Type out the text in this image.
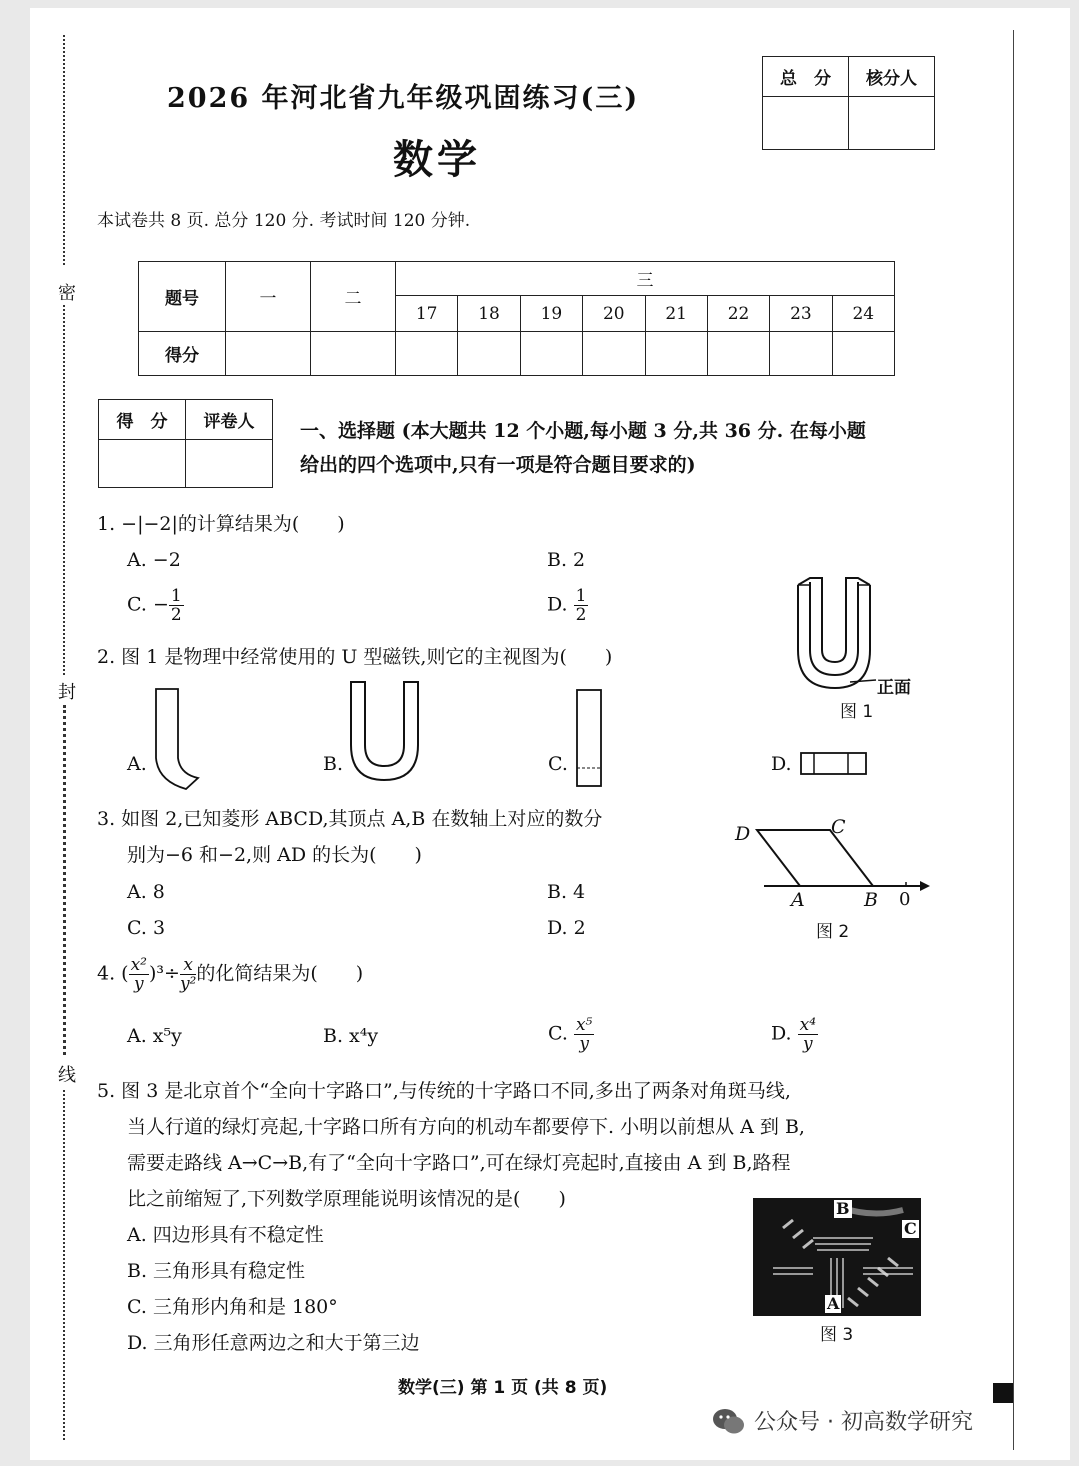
密
封
线
2026 年河北省九年级巩固练习(三)
数学
总　分	核分人

本试卷共 8 页. 总分 120 分. 考试时间 120 分钟.
题号	一	二	三							
			17	18	19	20	21	22	23	24
得分										
得　分	评卷人
	一、选择题 (本大题共 12 个小题,每小题 3 分,共 36 分. 在每小题
给出的四个选项中,只有一项是符合题目要求的)
1. −|−2|的计算结果为(　　)
A. −2	B. 2
C. − $\frac{1}{2}$	D. $\frac{1}{2}$
正面
图 1
2. 图 1 是物理中经常使用的 U 型磁铁,则它的主视图为(　　)
A.	B.	C.	D.
3. 如图 2,已知菱形 ABCD,其顶点 A,B 在数轴上对应的数分
别为−6 和−2,则 AD 的长为(　　)
A. 8	B. 4
C. 3	D. 2
D	C
A	B 0
图 2
4. ( $\frac{\text{x²}}{y} )^3\div \frac{x}{\text{y²}}$ 的化简结果为(　　)
A. x⁵y	B. x⁴y	C. $\frac{\text{x⁵}}{y}$	D. $\frac{\text{x⁴}}{y}$
5. 图 3 是北京首个“全向十字路口”,与传统的十字路口不同,多出了两条对角斑马线,
当人行道的绿灯亮起,十字路口所有方向的机动车都要停下. 小明以前想从 A 到 B,
需要走路线 A→C→B,有了“全向十字路口”,可在绿灯亮起时,直接由 A 到 B,路程
比之前缩短了,下列数学原理能说明该情况的是(　　)
A. 四边形具有不稳定性
B. 三角形具有稳定性
C. 三角形内角和是 180°
D. 三角形任意两边之和大于第三边
B
C
A
图 3
数学(三) 第 1 页 (共 8 页)
公众号 · 初高数学研究
